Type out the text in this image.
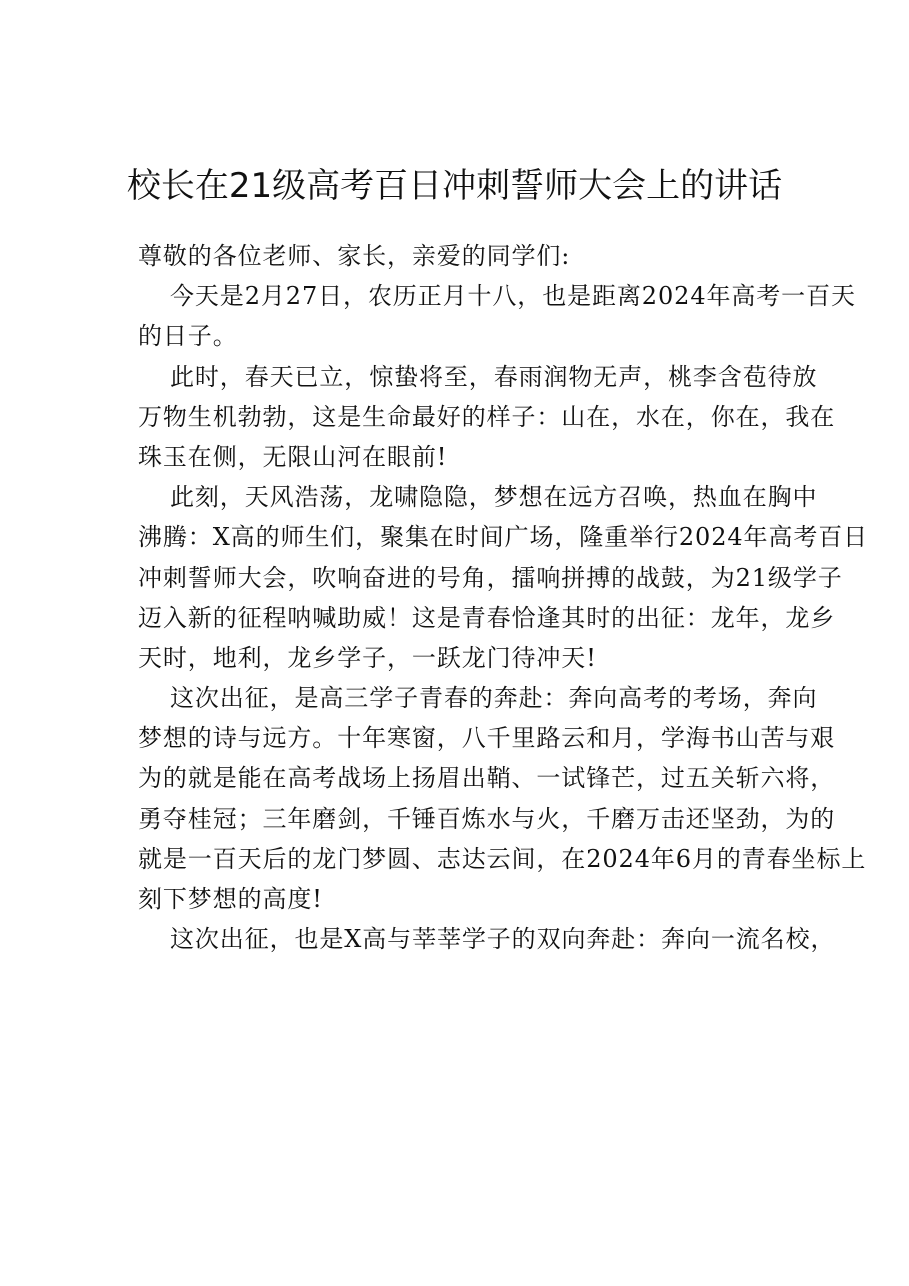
校长在21级高考百日冲刺誓师大会上的讲话
尊敬的各位老师、家长，亲爱的同学们:
今天是2月27日，农历正月十八，也是距离2024年高考一百天
的日子。
此时，春天已立，惊蛰将至，春雨润物无声，桃李含苞待放
万物生机勃勃，这是生命最好的样子：山在，水在，你在，我在
珠玉在侧，无限山河在眼前!
此刻，天风浩荡，龙啸隐隐，梦想在远方召唤，热血在胸中
沸腾：X高的师生们，聚集在时间广场，隆重举行2024年高考百日
冲刺誓师大会，吹响奋进的号角，擂响拼搏的战鼓，为21级学子
迈入新的征程呐喊助威！这是青春恰逢其时的出征：龙年，龙乡
天时，地利，龙乡学子，一跃龙门待冲天!
这次出征，是高三学子青春的奔赴：奔向高考的考场，奔向
梦想的诗与远方。十年寒窗，八千里路云和月，学海书山苦与艰
为的就是能在高考战场上扬眉出鞘、一试锋芒，过五关斩六将，
勇夺桂冠；三年磨剑，千锤百炼水与火，千磨万击还坚劲，为的
就是一百天后的龙门梦圆、志达云间，在2024年6月的青春坐标上
刻下梦想的高度!
这次出征，也是X高与莘莘学子的双向奔赴：奔向一流名校，
